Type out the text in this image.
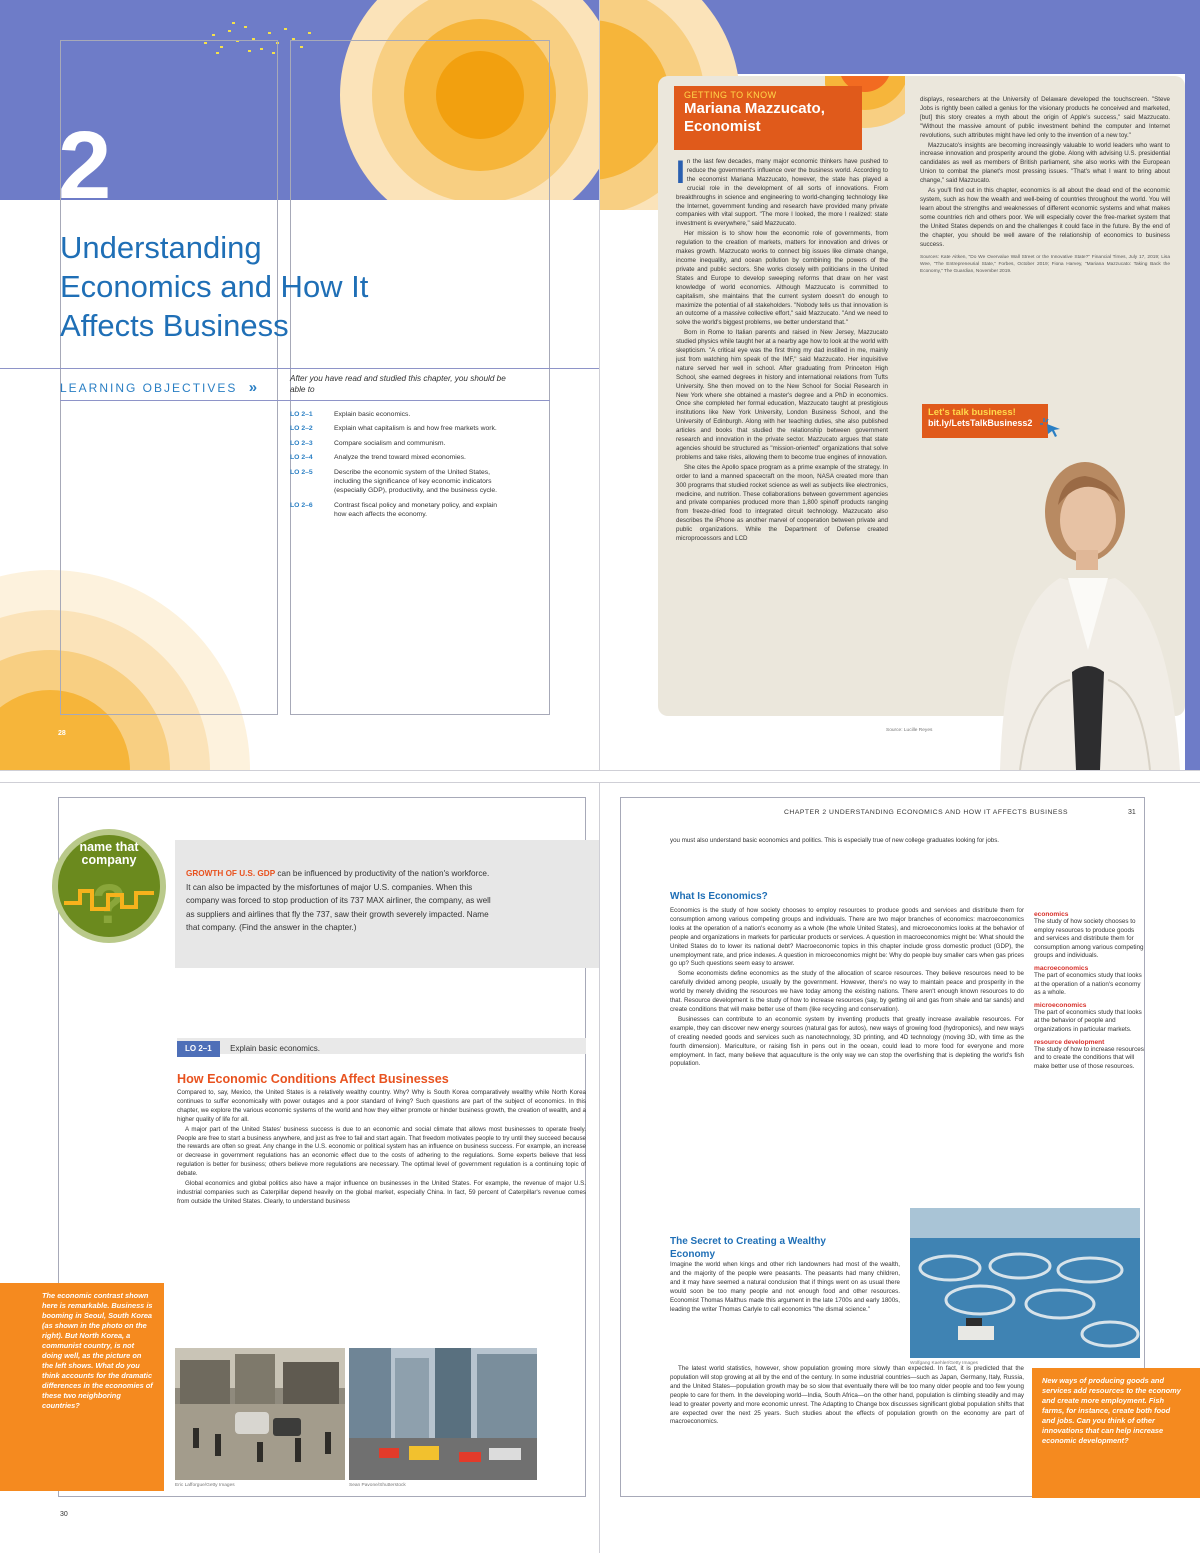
2
Understanding
Economics and How It
Affects Business
LEARNING OBJECTIVES »
After you have read and studied this chapter, you should be able to
LO 2–1	Explain basic economics.
LO 2–2	Explain what capitalism is and how free markets work.
LO 2–3	Compare socialism and communism.
LO 2–4	Analyze the trend toward mixed economies.
LO 2–5	Describe the economic system of the United States, including the significance of key economic indicators (especially GDP), productivity, and the business cycle.
LO 2–6	Contrast fiscal policy and monetary policy, and explain how each affects the economy.
28
GETTING TO KNOW
Mariana Mazzucato,
Economist
I n the last few decades, many major economic thinkers have pushed to reduce the government's influence over the business world. According to the economist Mariana Mazzucato, however, the state has played a crucial role in the development of all sorts of innovations. From breakthroughs in science and engineering to world-changing technology like the Internet, government funding and research have provided many private companies with vital support. "The more I looked, the more I realized: state investment is everywhere," said Mazzucato.

Her mission is to show how the economic role of governments, from regulation to the creation of markets, matters for innovation and drives or makes growth. Mazzucato works to connect big issues like climate change, income inequality, and ocean pollution by combining the powers of the private and public sectors. She works closely with politicians in the United States and Europe to develop sweeping reforms that draw on her vast knowledge of world economics. Although Mazzucato is committed to capitalism, she maintains that the current system doesn't do enough to maximize the potential of all stakeholders. "Nobody tells us that innovation is an outcome of a massive collective effort," said Mazzucato. "And we need to solve the world's biggest problems, we better understand that."

Born in Rome to Italian parents and raised in New Jersey, Mazzucato studied physics while taught her at a nearby age how to look at the world with skepticism. "A critical eye was the first thing my dad instilled in me, mainly just from watching him speak of the IMF," said Mazzucato. Her inquisitive nature served her well in school. After graduating from Princeton High School, she earned degrees in history and international relations from Tufts University. She then moved on to the New School for Social Research in New York where she obtained a master's degree and a PhD in economics. Once she completed her formal education, Mazzucato taught at prestigious institutions like New York University, London Business School, and the University of Edinburgh. Along with her teaching duties, she also published articles and books that studied the relationship between government research and innovation in the private sector. Mazzucato argues that state agencies should be structured as "mission-oriented" organizations that solve problems and take risks, allowing them to become true engines of innovation.

She cites the Apollo space program as a prime example of the strategy. In order to land a manned spacecraft on the moon, NASA created more than 300 programs that studied rocket science as well as subjects like electronics, medicine, and nutrition. These collaborations between government agencies and private companies produced more than 1,800 spinoff products ranging from freeze-dried food to integrated circuit technology. Mazzucato also describes the iPhone as another marvel of cooperation between private and public organizations. While the Department of Defense created microprocessors and LCD

displays, researchers at the University of Delaware developed the touchscreen. "Steve Jobs is rightly been called a genius for the visionary products he conceived and marketed, [but] this story creates a myth about the origin of Apple's success," said Mazzucato. "Without the massive amount of public investment behind the computer and Internet revolutions, such attributes might have led only to the invention of a new toy."

Mazzucato's insights are becoming increasingly valuable to world leaders who want to increase innovation and prosperity around the globe. Along with advising U.S. presidential candidates as well as members of British parliament, she also works with the European Union to combat the planet's most pressing issues. "That's what I want to bring about change," said Mazzucato.

As you'll find out in this chapter, economics is all about the dead end of the economic system, such as how the wealth and well-being of countries throughout the world. You will learn about the strengths and weaknesses of different economic systems and what makes some countries rich and others poor. We will especially cover the free-market system that the United States depends on and the challenges it could face in the future. By the end of the chapter, you should be well aware of the relationship of economics to business success.

Sources: Kate Aitken, "Do We Overvalue Wall Street or the Innovative State?" Financial Times, July 17, 2019; Lisa Wee, "The Entrepreneurial State," Forbes, October 2019; Fiona Harvey, "Mariana Mazzucato: Taking Back the Economy," The Guardian, November 2019.
Let's talk business!
bit.ly/LetsTalkBusiness2
Source: Lucille Reyes
?
name that
company
GROWTH OF U.S. GDP can be influenced by productivity of the nation's workforce. It can also be impacted by the misfortunes of major U.S. companies. When this company was forced to stop production of its 737 MAX airliner, the company, as well as suppliers and airlines that fly the 737, saw their growth severely impacted. Name that company. (Find the answer in the chapter.)
LO 2–1 Explain basic economics.
How Economic Conditions Affect Businesses

Compared to, say, Mexico, the United States is a relatively wealthy country. Why? Why is South Korea comparatively wealthy while North Korea continues to suffer economically with power outages and a poor standard of living? Such questions are part of the subject of economics. In this chapter, we explore the various economic systems of the world and how they either promote or hinder business growth, the creation of wealth, and a higher quality of life for all.

A major part of the United States' business success is due to an economic and social climate that allows most businesses to operate freely. People are free to start a business anywhere, and just as free to fail and start again. That freedom motivates people to try until they succeed because the rewards are often so great. Any change in the U.S. economic or political system has an influence on business success. For example, an increase or decrease in government regulations has an economic effect due to the costs of adhering to the regulations. Some experts believe that less regulation is better for business; others believe more regulations are necessary. The optimal level of government regulation is a continuing topic of debate.

Global economics and global politics also have a major influence on businesses in the United States. For example, the revenue of major U.S. industrial companies such as Caterpillar depend heavily on the global market, especially China. In fact, 59 percent of Caterpillar's revenue comes from outside the United States. Clearly, to understand business

The economic contrast shown here is remarkable. Business is booming in Seoul, South Korea (as shown in the photo on the right). But North Korea, a communist country, is not doing well, as the picture on the left shows. What do you think accounts for the dramatic differences in the economies of these two neighboring countries?
Eric Lafforgue/Getty Images	Sean Pavone/Shutterstock
30
CHAPTER 2 UNDERSTANDING ECONOMICS AND HOW IT AFFECTS BUSINESS	31
you must also understand basic economics and politics. This is especially true of new college graduates looking for jobs.
What Is Economics?

Economics is the study of how society chooses to employ resources to produce goods and services and distribute them for consumption among various competing groups and individuals. There are two major branches of economics: macroeconomics looks at the operation of a nation's economy as a whole (the whole United States), and microeconomics looks at the behavior of people and organizations in markets for particular products or services. A question in macroeconomics might be: What should the United States do to lower its national debt? Macroeconomic topics in this chapter include gross domestic product (GDP), the unemployment rate, and price indexes. A question in microeconomics might be: Why do people buy smaller cars when gas prices go up? Such questions seem easy to answer.

Some economists define economics as the study of the allocation of scarce resources. They believe resources need to be carefully divided among people, usually by the government. However, there's no way to maintain peace and prosperity in the world by merely dividing the resources we have today among the existing nations. There aren't enough known resources to do that. Resource development is the study of how to increase resources (say, by getting oil and gas from shale and tar sands) and create conditions that will make better use of them (like recycling and conservation).

Businesses can contribute to an economic system by inventing products that greatly increase available resources. For example, they can discover new energy sources (natural gas for autos), new ways of growing food (hydroponics), and new ways of creating needed goods and services such as nanotechnology, 3D printing, and 4D technology (moving 3D, with time as the fourth dimension). Mariculture, or raising fish in pens out in the ocean, could lead to more food for everyone and more employment. In fact, many believe that aquaculture is the only way we can stop the overfishing that is depleting the world's fish population.

economics
The study of how society chooses to employ resources to produce goods and services and distribute them for consumption among various competing groups and individuals.
macroeconomics
The part of economics study that looks at the operation of a nation's economy as a whole.
microeconomics
The part of economics study that looks at the behavior of people and organizations in particular markets.
resource development
The study of how to increase resources and to create the conditions that will make better use of those resources.
The Secret to Creating a Wealthy
Economy

Imagine the world when kings and other rich landowners had most of the wealth, and the majority of the people were peasants. The peasants had many children, and it may have seemed a natural conclusion that if things went on as usual there would soon be too many people and not enough food and other resources. Economist Thomas Malthus made this argument in the late 1700s and early 1800s, leading the writer Thomas Carlyle to call economics "the dismal science."

The latest world statistics, however, show population growing more slowly than expected. In fact, it is predicted that the population will stop growing at all by the end of the century. In some industrial countries—such as Japan, Germany, Italy, Russia, and the United States—population growth may be so slow that eventually there will be too many older people and too few young people to care for them. In the developing world—India, South Africa—on the other hand, population is climbing steadily and may lead to greater poverty and more economic unrest. The Adapting to Change box discusses significant global population shifts that are expected over the next 25 years. Such studies about the effects of population growth on the economy are part of macroeconomics.

Wolfgang Kaehler/Getty Images
New ways of producing goods and services add resources to the economy and create more employment. Fish farms, for instance, create both food and jobs. Can you think of other innovations that can help increase economic development?
